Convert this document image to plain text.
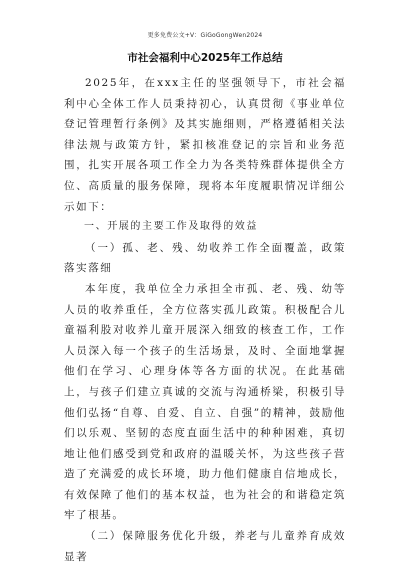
更多免费公文+V：GiGoGongWen2024
市社会福利中心2025年工作总结

2025年，在xxx主任的坚强领导下，市社会福利中心全体工作人员秉持初心，认真贯彻《事业单位登记管理暂行条例》及其实施细则，严格遵循相关法律法规与政策方针，紧扣核准登记的宗旨和业务范围，扎实开展各项工作全力为各类特殊群体提供全方位、高质量的服务保障，现将本年度履职情况详细公示如下：

一、开展的主要工作及取得的效益

（一）孤、老、残、幼收养工作全面覆盖，政策落实落细

本年度，我单位全力承担全市孤、老、残、幼等人员的收养重任，全方位落实孤儿政策。积极配合儿童福利股对收养儿童开展深入细致的核查工作，工作人员深入每一个孩子的生活场景，及时、全面地掌握他们在学习、心理身体等各方面的状况。在此基础上，与孩子们建立真诚的交流与沟通桥梁，积极引导他们弘扬“自尊、自爱、自立、自强”的精神，鼓励他们以乐观、坚韧的态度直面生活中的种种困难，真切地让他们感受到党和政府的温暖关怀，为这些孩子营造了充满爱的成长环境，助力他们健康自信地成长，有效保障了他们的基本权益，也为社会的和谐稳定筑牢了根基。

（二）保障服务优化升级，养老与儿童养育成效显著
